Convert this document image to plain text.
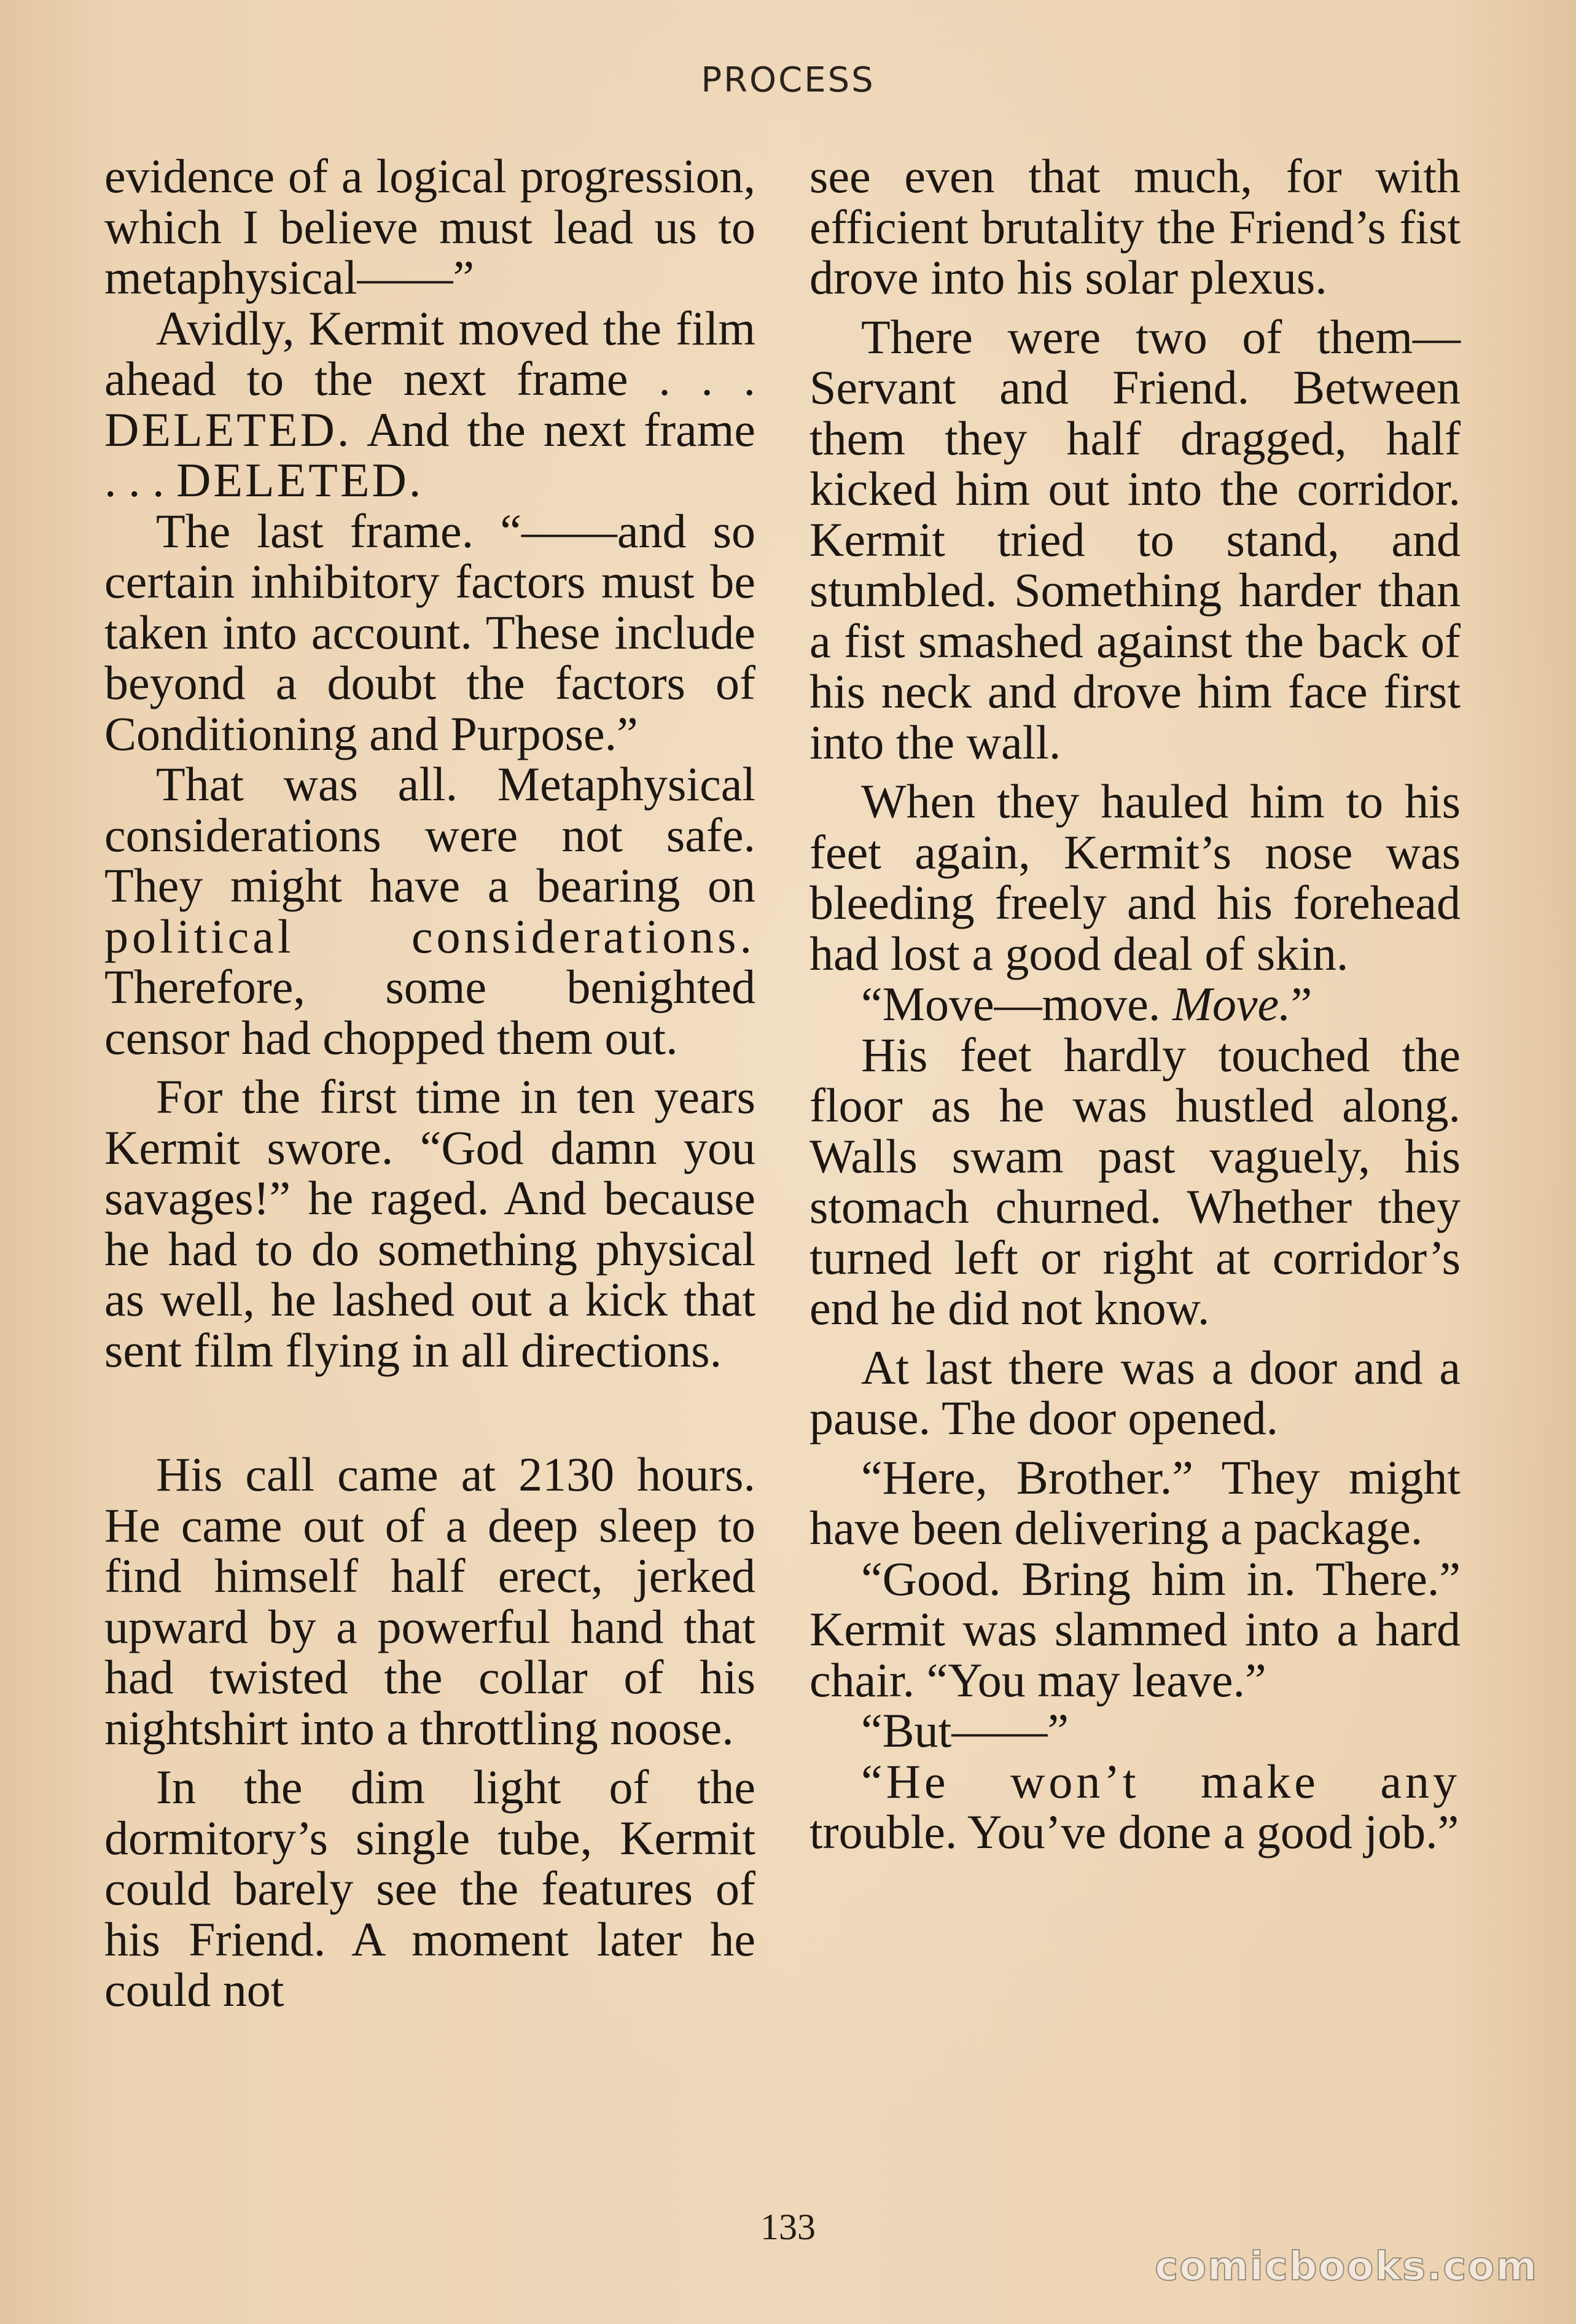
PROCESS

evidence of a logical progression, which I believe must lead us to metaphysical——”

Avidly, Kermit moved the film ahead to the next frame . . . DELETED. And the next frame . . . DELETED.

The last frame. “——and so certain inhibitory factors must be taken into account. These include beyond a doubt the factors of Conditioning and Purpose.”

That was all. Metaphysical considerations were not safe. They might have a bearing on political considerations. Therefore, some benighted censor had chopped them out.

For the first time in ten years Kermit swore. “God damn you savages!” he raged. And because he had to do something physical as well, he lashed out a kick that sent film flying in all directions.

His call came at 2130 hours. He came out of a deep sleep to find himself half erect, jerked upward by a powerful hand that had twisted the collar of his nightshirt into a throttling noose.

In the dim light of the dormitory’s single tube, Kermit could barely see the features of his Friend. A moment later he could not

see even that much, for with efficient brutality the Friend’s fist drove into his solar plexus.

There were two of them—Servant and Friend. Between them they half dragged, half kicked him out into the corridor. Kermit tried to stand, and stumbled. Something harder than a fist smashed against the back of his neck and drove him face first into the wall.

When they hauled him to his feet again, Kermit’s nose was bleeding freely and his forehead had lost a good deal of skin.

“Move—move. Move.”

His feet hardly touched the floor as he was hustled along. Walls swam past vaguely, his stomach churned. Whether they turned left or right at corridor’s end he did not know.

At last there was a door and a pause. The door opened.

“Here, Brother.” They might have been delivering a package.

“Good. Bring him in. There.” Kermit was slammed into a hard chair. “You may leave.”

“But——”

“He won’t make any trouble. You’ve done a good job.”

133
comicbooks.com
